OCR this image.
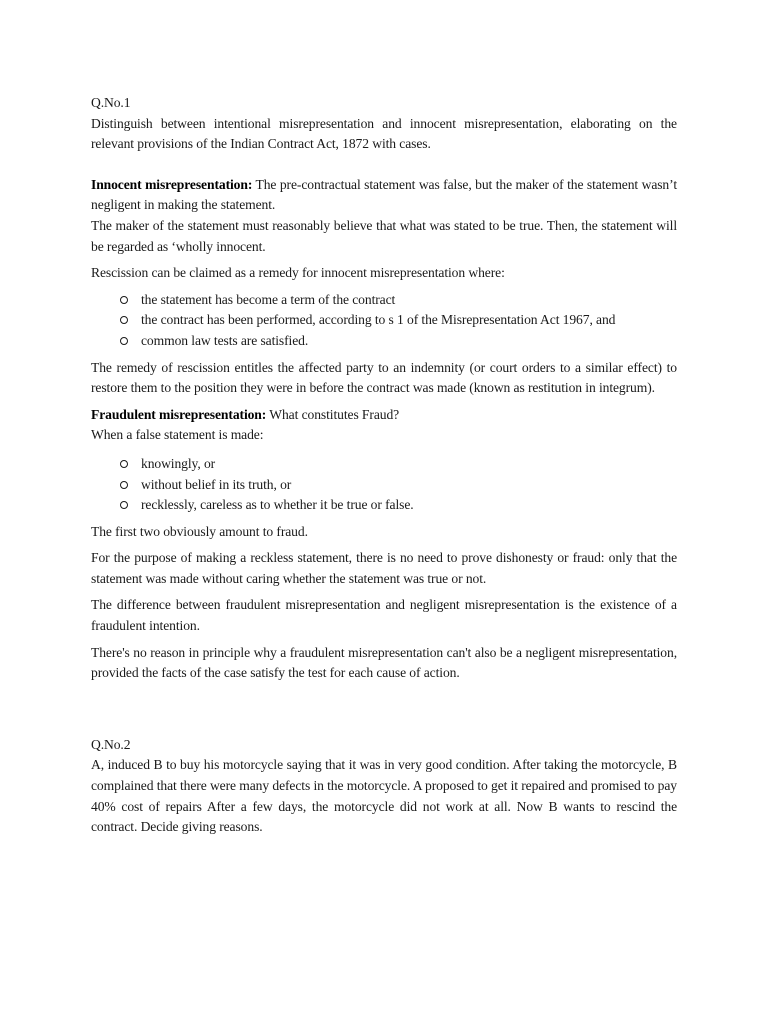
Q.No.1

Distinguish between intentional misrepresentation and innocent misrepresentation, elaborating on the relevant provisions of the Indian Contract Act, 1872 with cases.

Innocent misrepresentation: The pre-contractual statement was false, but the maker of the statement wasn’t negligent in making the statement.

The maker of the statement must reasonably believe that what was stated to be true. Then, the statement will be regarded as ‘wholly innocent.

Rescission can be claimed as a remedy for innocent misrepresentation where:

the statement has become a term of the contract
the contract has been performed, according to s 1 of the Misrepresentation Act 1967, and
common law tests are satisfied.

The remedy of rescission entitles the affected party to an indemnity (or court orders to a similar effect) to restore them to the position they were in before the contract was made (known as restitution in integrum).

Fraudulent misrepresentation: What constitutes Fraud?

When a false statement is made:

knowingly, or
without belief in its truth, or
recklessly, careless as to whether it be true or false.

The first two obviously amount to fraud.

For the purpose of making a reckless statement, there is no need to prove dishonesty or fraud: only that the statement was made without caring whether the statement was true or not.

The difference between fraudulent misrepresentation and negligent misrepresentation is the existence of a fraudulent intention.

There's no reason in principle why a fraudulent misrepresentation can't also be a negligent misrepresentation, provided the facts of the case satisfy the test for each cause of action.

Q.No.2

A, induced B to buy his motorcycle saying that it was in very good condition. After taking the motorcycle, B complained that there were many defects in the motorcycle. A proposed to get it repaired and promised to pay 40% cost of repairs After a few days, the motorcycle did not work at all. Now B wants to rescind the contract. Decide giving reasons.
